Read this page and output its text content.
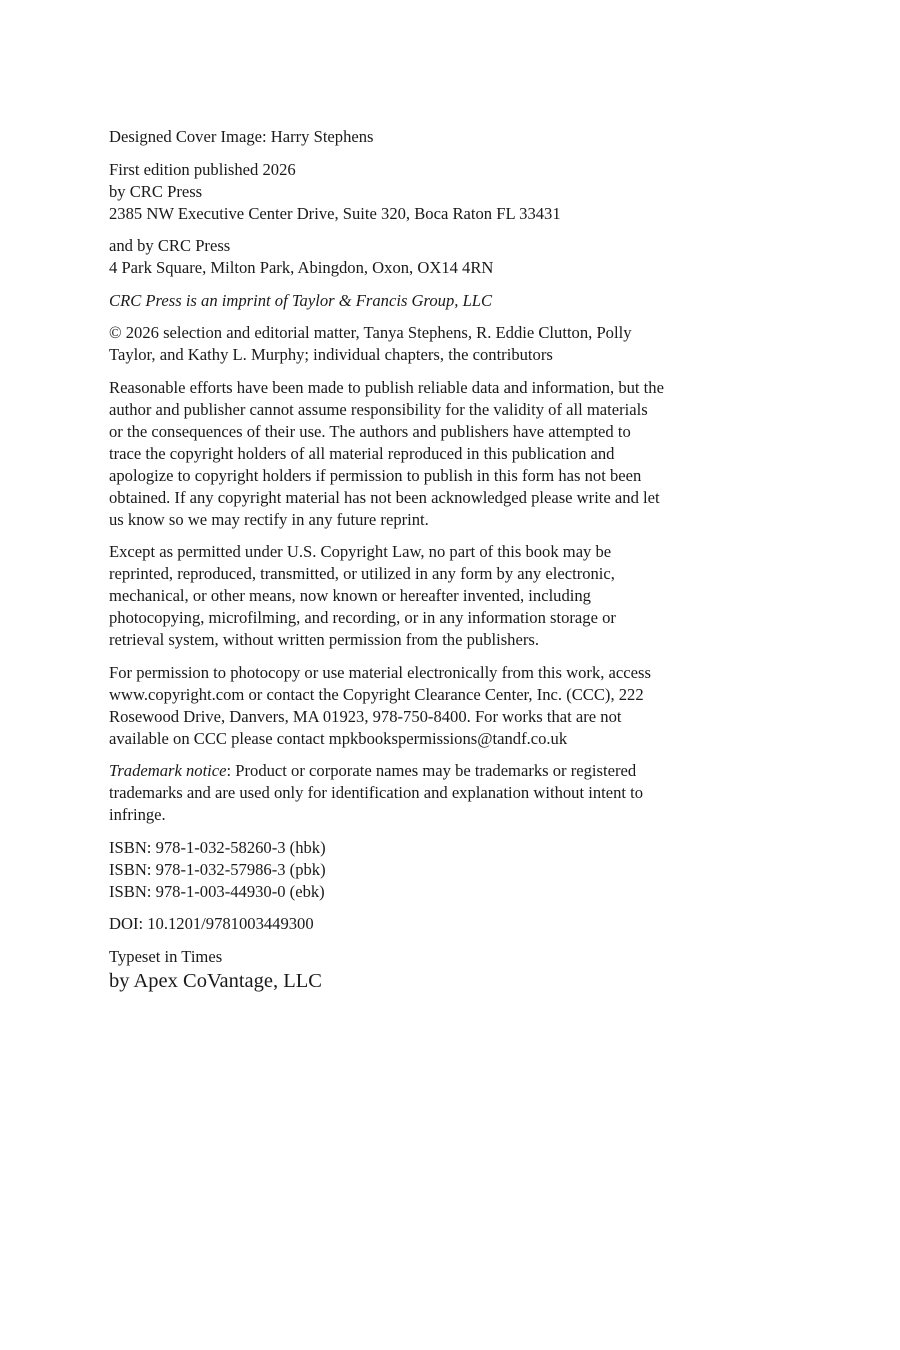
Designed Cover Image: Harry Stephens

First edition published 2026
by CRC Press
2385 NW Executive Center Drive, Suite 320, Boca Raton FL 33431

and by CRC Press
4 Park Square, Milton Park, Abingdon, Oxon, OX14 4RN

CRC Press is an imprint of Taylor & Francis Group, LLC

© 2026 selection and editorial matter, Tanya Stephens, R. Eddie Clutton, Polly
Taylor, and Kathy L. Murphy; individual chapters, the contributors

Reasonable efforts have been made to publish reliable data and information, but the
author and publisher cannot assume responsibility for the validity of all materials
or the consequences of their use. The authors and publishers have attempted to
trace the copyright holders of all material reproduced in this publication and
apologize to copyright holders if permission to publish in this form has not been
obtained. If any copyright material has not been acknowledged please write and let
us know so we may rectify in any future reprint.

Except as permitted under U.S. Copyright Law, no part of this book may be
reprinted, reproduced, transmitted, or utilized in any form by any electronic,
mechanical, or other means, now known or hereafter invented, including
photocopying, microfilming, and recording, or in any information storage or
retrieval system, without written permission from the publishers.

For permission to photocopy or use material electronically from this work, access
www.copyright.com or contact the Copyright Clearance Center, Inc. (CCC), 222
Rosewood Drive, Danvers, MA 01923, 978-750-8400. For works that are not
available on CCC please contact mpkbookspermissions@tandf.co.uk

Trademark notice: Product or corporate names may be trademarks or registered
trademarks and are used only for identification and explanation without intent to
infringe.

ISBN: 978-1-032-58260-3 (hbk)
ISBN: 978-1-032-57986-3 (pbk)
ISBN: 978-1-003-44930-0 (ebk)

DOI: 10.1201/9781003449300

Typeset in Times
by Apex CoVantage, LLC
